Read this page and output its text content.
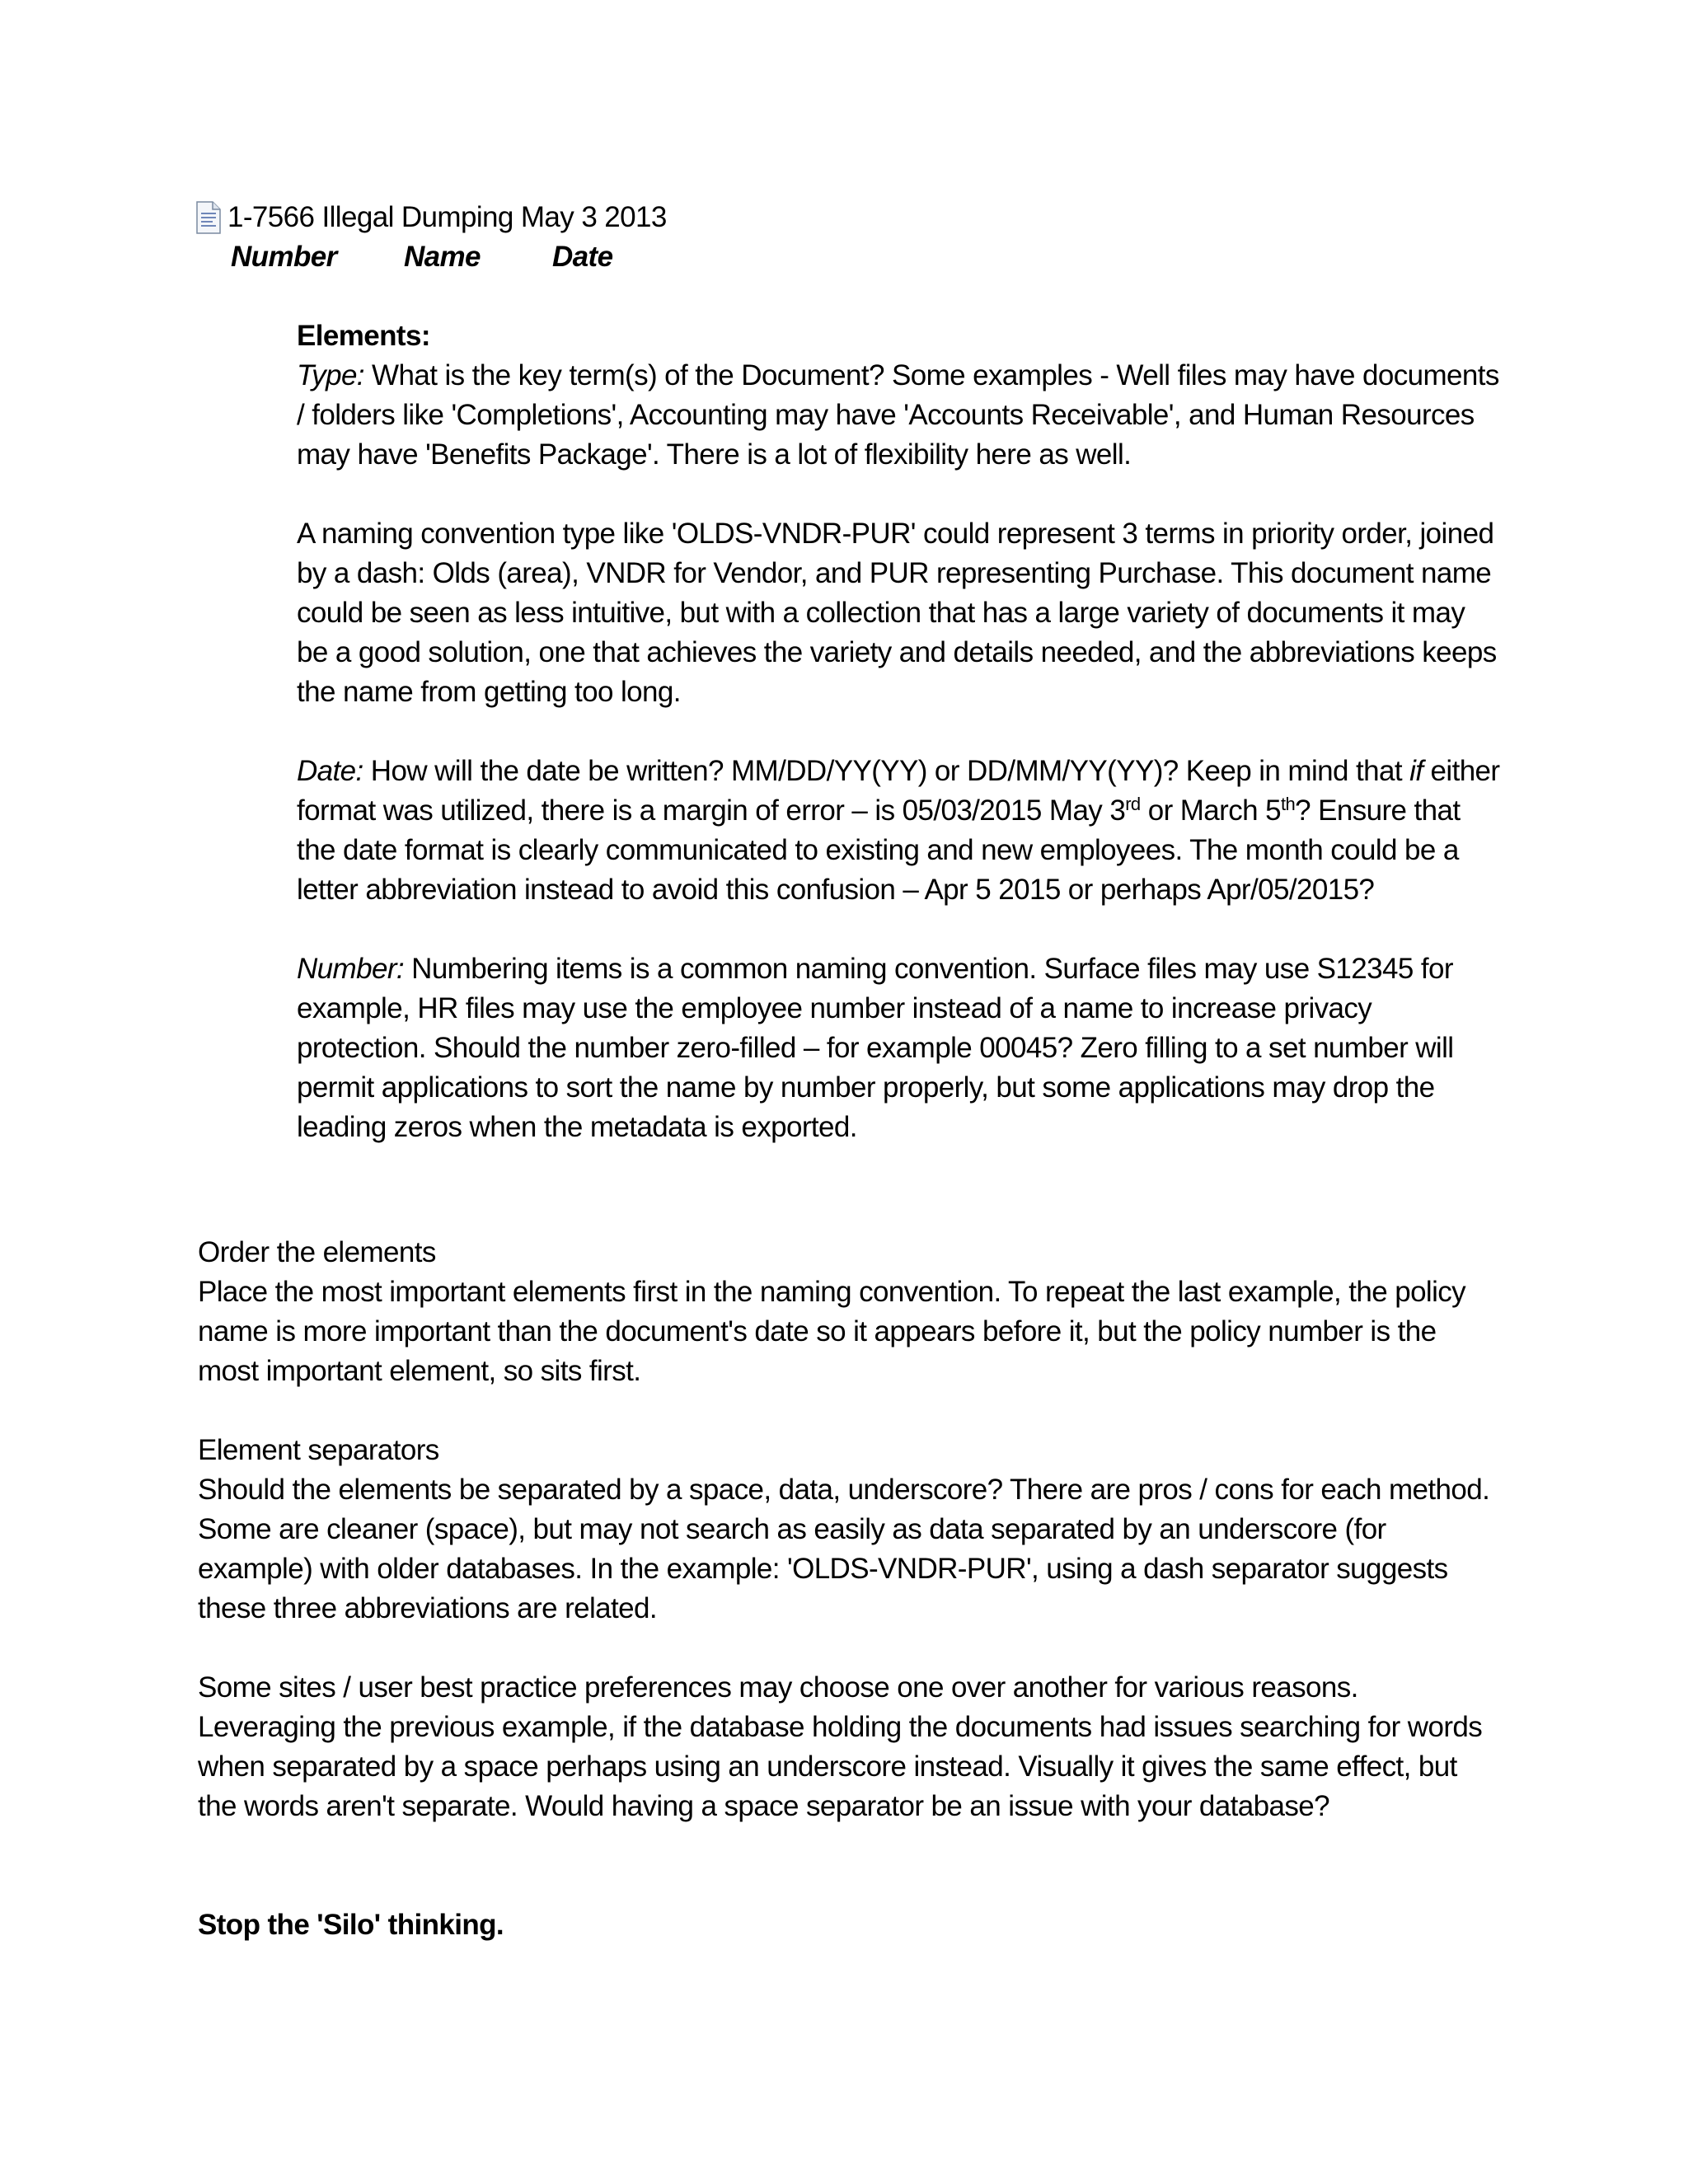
1-7566 Illegal Dumping May 3 2013
Number Name Date

Elements:

Type: What is the key term(s) of the Document? Some examples - Well files may have documents / folders like 'Completions', Accounting may have 'Accounts Receivable', and Human Resources may have 'Benefits Package'. There is a lot of flexibility here as well.

A naming convention type like 'OLDS-VNDR-PUR' could represent 3 terms in priority order, joined by a dash: Olds (area), VNDR for Vendor, and PUR representing Purchase. This document name could be seen as less intuitive, but with a collection that has a large variety of documents it may be a good solution, one that achieves the variety and details needed, and the abbreviations keeps the name from getting too long.

Date: How will the date be written? MM/DD/YY(YY) or DD/MM/YY(YY)? Keep in mind that if either format was utilized, there is a margin of error – is 05/03/2015 May 3rd or March 5th? Ensure that the date format is clearly communicated to existing and new employees. The month could be a letter abbreviation instead to avoid this confusion – Apr 5 2015 or perhaps Apr/05/2015?

Number: Numbering items is a common naming convention. Surface files may use S12345 for example, HR files may use the employee number instead of a name to increase privacy protection. Should the number zero-filled – for example 00045? Zero filling to a set number will permit applications to sort the name by number properly, but some applications may drop the leading zeros when the metadata is exported.

Order the elements

Place the most important elements first in the naming convention. To repeat the last example, the policy name is more important than the document's date so it appears before it, but the policy number is the most important element, so sits first.

Element separators

Should the elements be separated by a space, data, underscore? There are pros / cons for each method. Some are cleaner (space), but may not search as easily as data separated by an underscore (for example) with older databases. In the example: 'OLDS-VNDR-PUR', using a dash separator suggests these three abbreviations are related.

Some sites / user best practice preferences may choose one over another for various reasons. Leveraging the previous example, if the database holding the documents had issues searching for words when separated by a space perhaps using an underscore instead. Visually it gives the same effect, but the words aren't separate. Would having a space separator be an issue with your database?

Stop the 'Silo' thinking.
